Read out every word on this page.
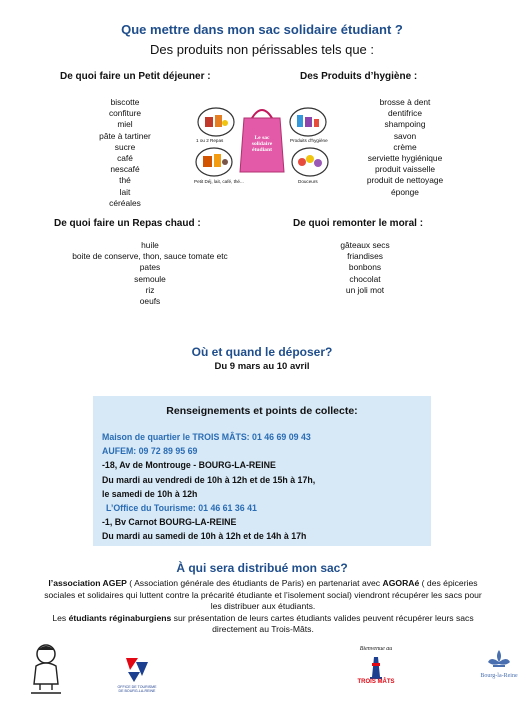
Que mettre dans mon sac solidaire étudiant ?
Des produits non périssables tels que :
De quoi faire un Petit déjeuner :
biscotte
confiture
miel
pâte à tartiner
sucre
café
nescafé
thé
lait
céréales
Des Produits d’hygiène :
brosse à dent
dentifrice
shampoing
savon
crème
serviette hygiénique
produit vaisselle
produit de nettoyage
éponge
Le sac solidaire étudiant
1 ou 2 Repas	Produits d'hygiène
Petit Déj, lait, café, thé...	Douceurs
De quoi faire un Repas chaud :
huile
boite de conserve, thon, sauce tomate etc
pates
semoule
riz
oeufs
De quoi remonter le moral :
gâteaux secs
friandises
bonbons
chocolat
un joli mot
Où et quand le déposer?
Du 9 mars au 10 avril
Renseignements et points de collecte:
Maison de quartier le TROIS MÂTS: 01 46 69 09 43
AUFEM: 09 72 89 95 69
-18, Av de Montrouge - BOURG-LA-REINE
Du mardi au vendredi de 10h à 12h et de 15h à 17h,
le samedi de 10h à 12h
L’Office du Tourisme: 01 46 61 36 41
-1, Bv Carnot BOURG-LA-REINE
Du mardi au samedi de 10h à 12h et de 14h à 17h
À qui sera distribué mon sac?
l’association AGEP ( Association générale des étudiants de Paris) en partenariat avec AGORAé ( des épiceries sociales et solidaires qui luttent contre la précarité étudiante et l’isolement social) viendront récupérer les sacs pour les distribuer aux étudiants.
Les étudiants réginaburgiens sur présentation de leurs cartes étudiants valides peuvent récupérer leurs sacs directement au Trois-Mâts.
OFFICE DE TOURISME DE BOURG-LA-REINE
Bienvenue au
TROIS MÂTS
Bourg-la-Reine
